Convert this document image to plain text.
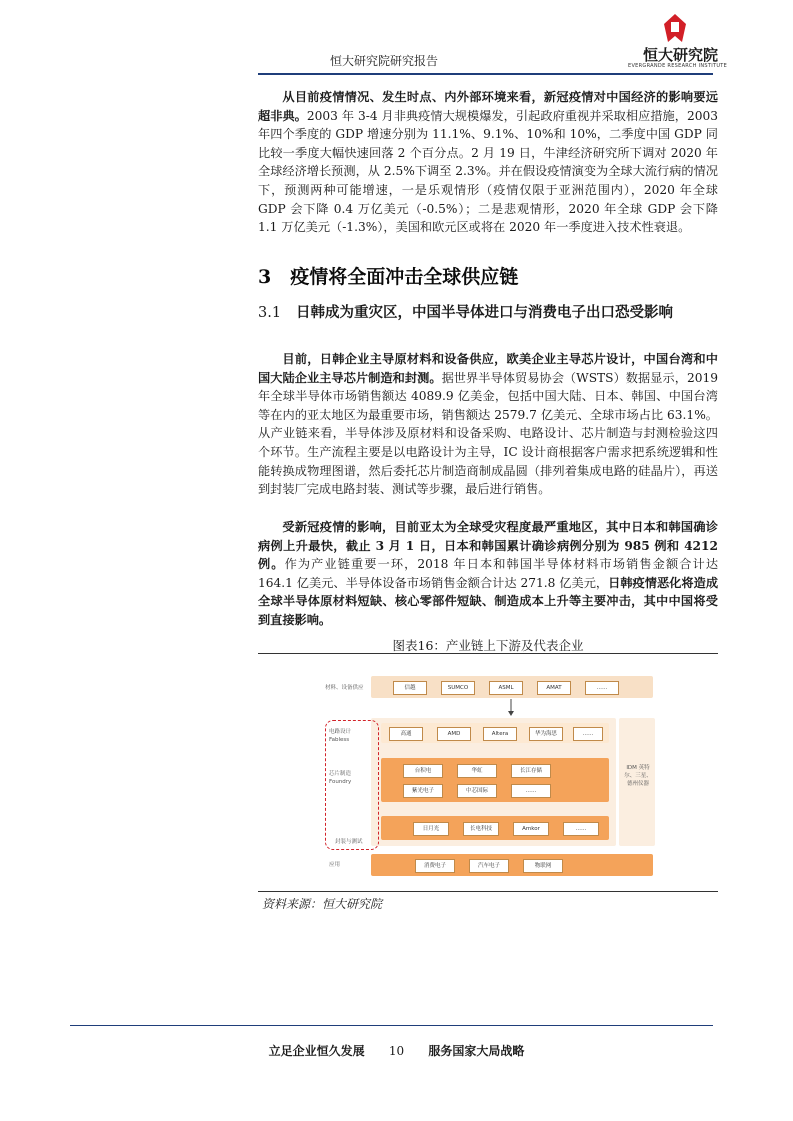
恒大研究院
EVERGRANDE RESEARCH INSTITUTE
恒大研究院研究报告

从目前疫情情况、发生时点、内外部环境来看，新冠疫情对中国经济的影响要远超非典。2003 年 3-4 月非典疫情大规模爆发，引起政府重视并采取相应措施，2003 年四个季度的 GDP 增速分别为 11.1%、9.1%、10%和 10%，二季度中国 GDP 同比较一季度大幅快速回落 2 个百分点。2 月 19 日，牛津经济研究所下调对 2020 年全球经济增长预测，从 2.5%下调至 2.3%。并在假设疫情演变为全球大流行病的情况下，预测两种可能增速，一是乐观情形（疫情仅限于亚洲范围内），2020 年全球 GDP 会下降 0.4 万亿美元（-0.5%）；二是悲观情形，2020 年全球 GDP 会下降 1.1 万亿美元（-1.3%），美国和欧元区或将在 2020 年一季度进入技术性衰退。

3　疫情将全面冲击全球供应链
3.1 日韩成为重灾区，中国半导体进口与消费电子出口恐受影响

目前，日韩企业主导原材料和设备供应，欧美企业主导芯片设计，中国台湾和中国大陆企业主导芯片制造和封测。据世界半导体贸易协会（WSTS）数据显示，2019 年全球半导体市场销售额达 4089.9 亿美金，包括中国大陆、日本、韩国、中国台湾等在内的亚太地区为最重要市场，销售额达 2579.7 亿美元、全球市场占比 63.1%。从产业链来看，半导体涉及原材料和设备采购、电路设计、芯片制造与封测检验这四个环节。生产流程主要是以电路设计为主导，IC 设计商根据客户需求把系统逻辑和性能转换成物理图谱，然后委托芯片制造商制成晶圆（排列着集成电路的硅晶片），再送到封装厂完成电路封装、测试等步骤，最后进行销售。

受新冠疫情的影响，目前亚太为全球受灾程度最严重地区，其中日本和韩国确诊病例上升最快，截止 3 月 1 日，日本和韩国累计确诊病例分别为 985 例和 4212 例。作为产业链重要一环，2018 年日本和韩国半导体材料市场销售金额合计达 164.1 亿美元、半导体设备市场销售金额合计达 271.8 亿美元，日韩疫情恶化将造成全球半导体原材料短缺、核心零部件短缺、制造成本上升等主要冲击，其中中国将受到直接影响。

图表16：产业链上下游及代表企业
材料、设备供应	信越	SUMCO	ASML	AMAT	……
IDM 英特尔、三星、德州仪器
电路设计 Fabless
高通	AMD	Altera	华为海思	……
芯片制造 Foundry
台积电	华虹	长江存储
紫光电子	中芯国际	……
封装与测试
日月光	长电科技	Amkor	……
应用	消费电子	汽车电子	物联网
资料来源：恒大研究院
立足企业恒久发展 10 服务国家大局战略
